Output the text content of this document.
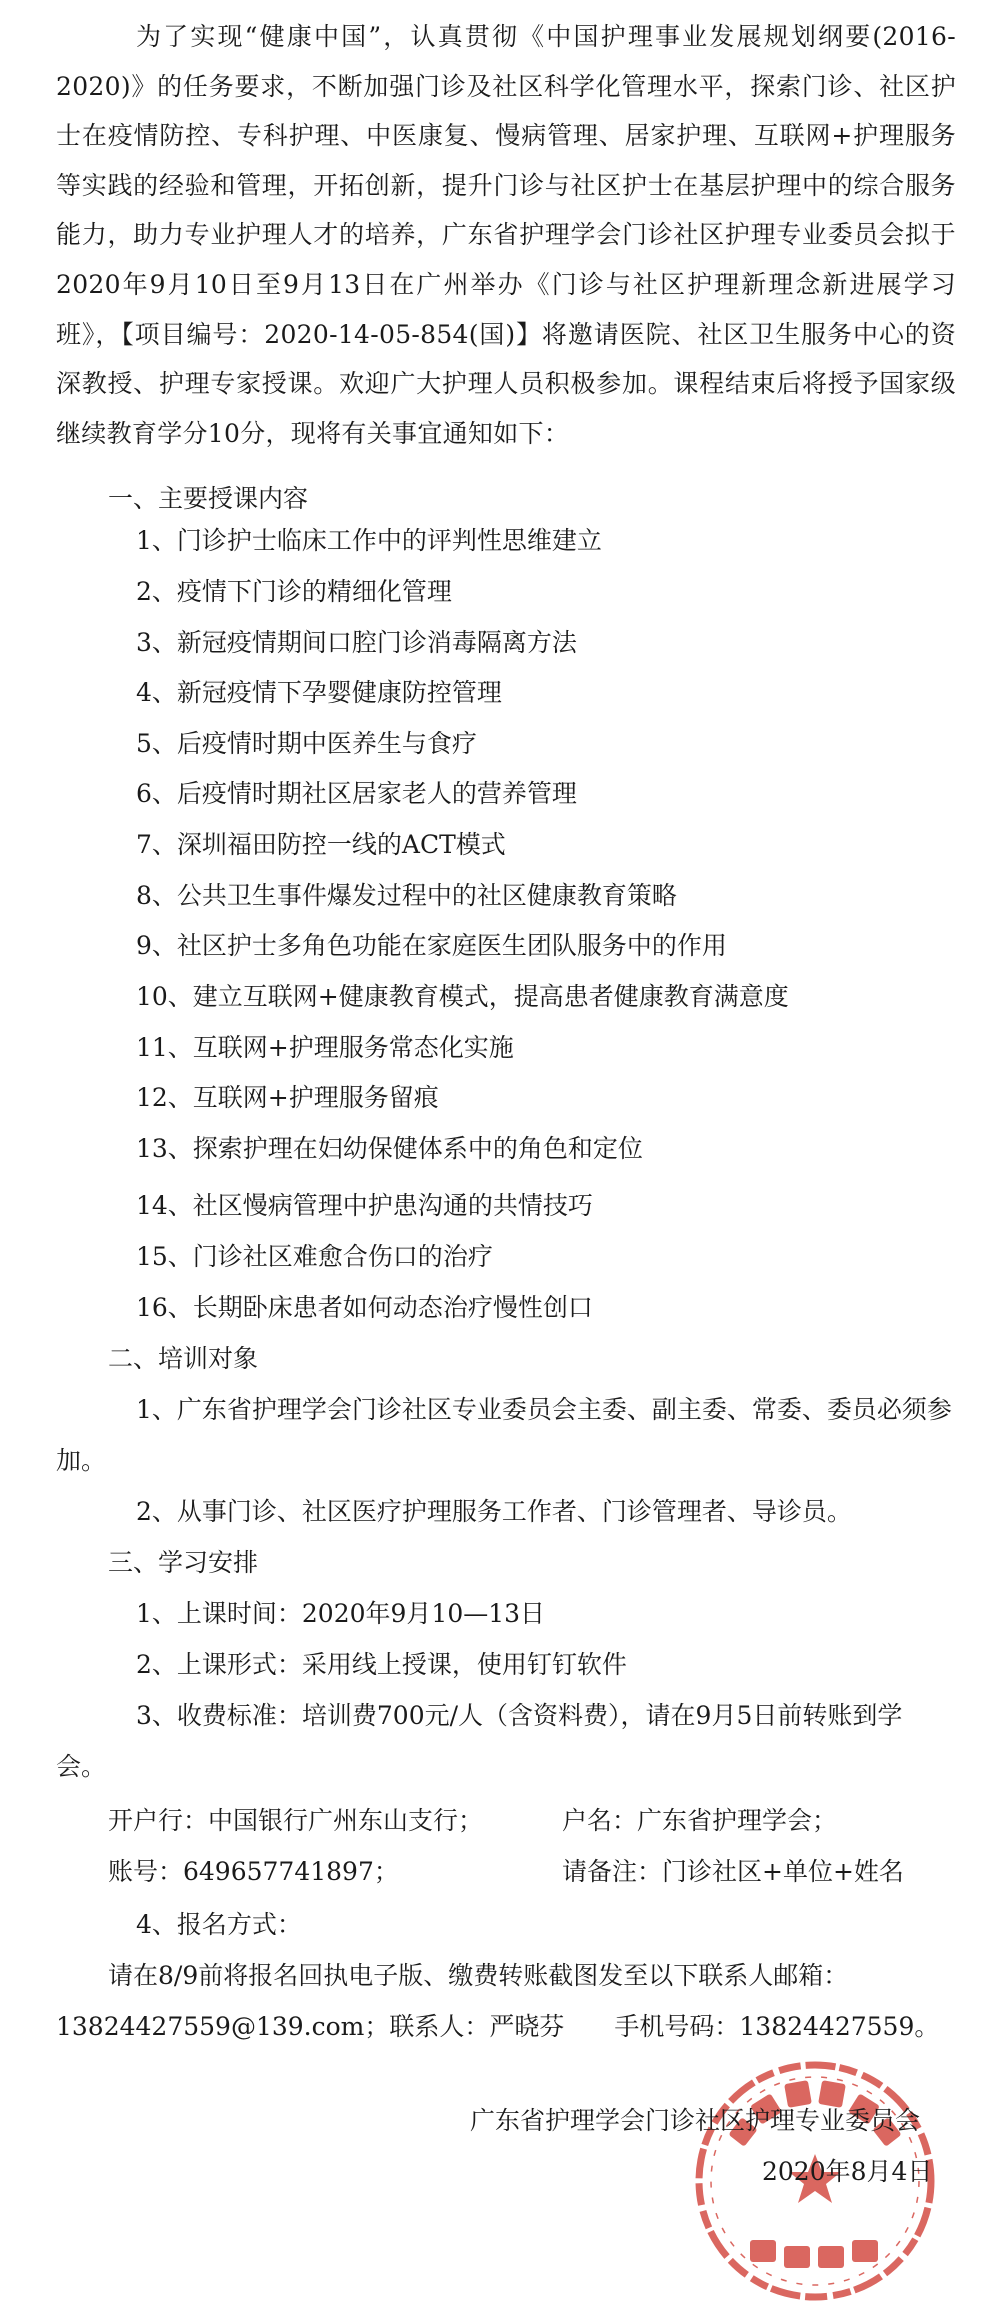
为了实现“健康中国”，认真贯彻《中国护理事业发展规划纲要(2016-2020)》的任务要求，不断加强门诊及社区科学化管理水平，探索门诊、社区护士在疫情防控、专科护理、中医康复、慢病管理、居家护理、互联网+护理服务等实践的经验和管理，开拓创新，提升门诊与社区护士在基层护理中的综合服务能力，助力专业护理人才的培养，广东省护理学会门诊社区护理专业委员会拟于2020年9月10日至9月13日在广州举办《门诊与社区护理新理念新进展学习班》，【项目编号：2020-14-05-854(国)】将邀请医院、社区卫生服务中心的资深教授、护理专家授课。欢迎广大护理人员积极参加。课程结束后将授予国家级继续教育学分10分，现将有关事宜通知如下：

一、主要授课内容
1、门诊护士临床工作中的评判性思维建立
2、疫情下门诊的精细化管理
3、新冠疫情期间口腔门诊消毒隔离方法
4、新冠疫情下孕婴健康防控管理
5、后疫情时期中医养生与食疗
6、后疫情时期社区居家老人的营养管理
7、深圳福田防控一线的ACT模式
8、公共卫生事件爆发过程中的社区健康教育策略
9、社区护士多角色功能在家庭医生团队服务中的作用
10、建立互联网+健康教育模式，提高患者健康教育满意度
11、互联网+护理服务常态化实施
12、互联网+护理服务留痕
13、探索护理在妇幼保健体系中的角色和定位
14、社区慢病管理中护患沟通的共情技巧
15、门诊社区难愈合伤口的治疗
16、长期卧床患者如何动态治疗慢性创口
二、培训对象
1、广东省护理学会门诊社区专业委员会主委、副主委、常委、委员必须参
加。
2、从事门诊、社区医疗护理服务工作者、门诊管理者、导诊员。
三、学习安排
1、上课时间：2020年9月10—13日
2、上课形式：采用线上授课，使用钉钉软件
3、收费标准：培训费700元/人（含资料费），请在9月5日前转账到学
会。
开户行：中国银行广州东山支行；	户名：广东省护理学会；
账号：649657741897；	请备注：门诊社区+单位+姓名
4、报名方式：
请在8/9前将报名回执电子版、缴费转账截图发至以下联系人邮箱：
13824427559@139.com；联系人：严晓芬　　手机号码：13824427559。
广东省护理学会门诊社区护理专业委员会
2020年8月4日
